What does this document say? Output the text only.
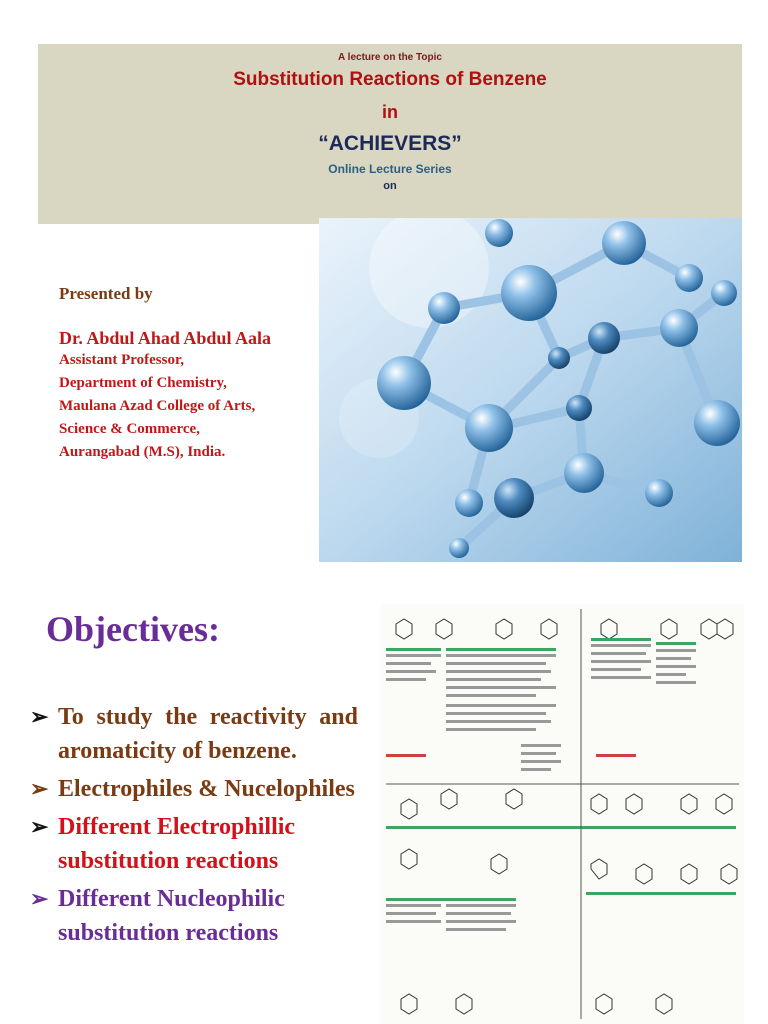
A lecture on the Topic
Substitution Reactions of Benzene
in
“ACHIEVERS”
Online Lecture Series
on
Presented by
Dr. Abdul Ahad Abdul Aala
Assistant Professor,
Department of Chemistry,
Maulana Azad College of Arts,
Science & Commerce,
Aurangabad (M.S), India.
Objectives:
➢ To study the reactivity and aromaticity of benzene.
➢ Electrophiles & Nucelophiles
➢ Different Electrophillic substitution reactions
➢ Different Nucleophilic substitution reactions
